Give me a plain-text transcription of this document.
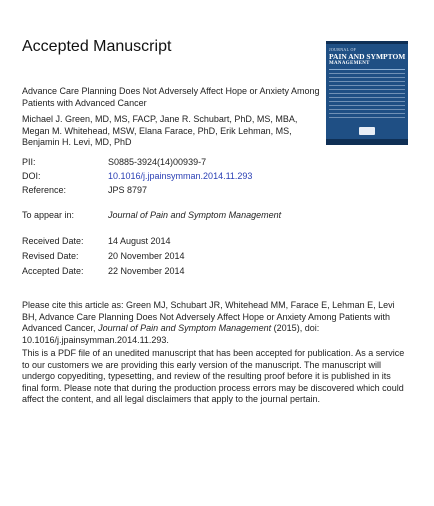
Accepted Manuscript	JOURNAL OF
PAIN AND SYMPTOM
MANAGEMENT

Advance Care Planning Does Not Adversely Affect Hope or Anxiety Among Patients with Advanced Cancer

Michael J. Green, MD, MS, FACP, Jane R. Schubart, PhD, MS, MBA, Megan M. Whitehead, MSW, Elana Farace, PhD, Erik Lehman, MS, Benjamin H. Levi, MD, PhD

PII:	S0885-3924(14)00939-7
DOI:	10.1016/j.jpainsymman.2014.11.293
Reference:	JPS 8797
To appear in:	Journal of Pain and Symptom Management
Received Date:	14 August 2014
Revised Date:	20 November 2014
Accepted Date:	22 November 2014

Please cite this article as: Green MJ, Schubart JR, Whitehead MM, Farace E, Lehman E, Levi BH, Advance Care Planning Does Not Adversely Affect Hope or Anxiety Among Patients with Advanced Cancer, Journal of Pain and Symptom Management (2015), doi: 10.1016/j.jpainsymman.2014.11.293.

This is a PDF file of an unedited manuscript that has been accepted for publication. As a service to our customers we are providing this early version of the manuscript. The manuscript will undergo copyediting, typesetting, and review of the resulting proof before it is published in its final form. Please note that during the production process errors may be discovered which could affect the content, and all legal disclaimers that apply to the journal pertain.
